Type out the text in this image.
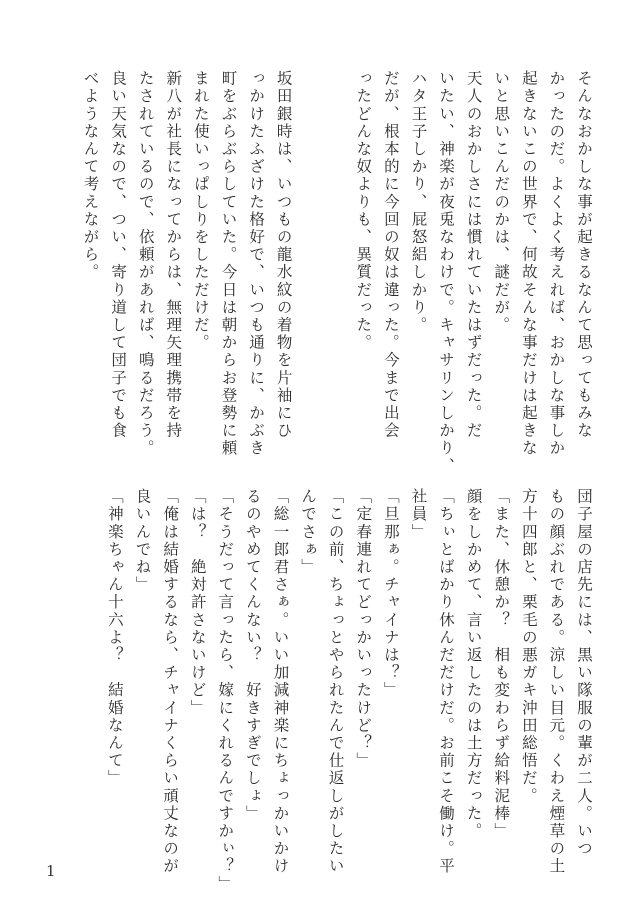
そんなおかしな事が起きるなんて思ってもみな
かったのだ。よくよく考えれば、おかしな事しか
起きないこの世界で、何故そんな事だけは起きな
いと思いこんだのかは、謎だが。
天人のおかしさには慣れていたはずだった。だ
いたい、神楽が夜兎なわけで。キャサリンしかり、
ハタ王子しかり、屁怒絽しかり。
だが、根本的に今回の奴は違った。今まで出会
ったどんな奴よりも、異質だった。
坂田銀時は、いつもの龍水紋の着物を片袖にひ
っかけたふざけた格好で、いつも通りに、かぶき
町をぶらぶらしていた。今日は朝からお登勢に頼
まれた使いっぱしりをしただけだ。
新八が社長になってからは、無理矢理携帯を持
たされているので、依頼があれば、鳴るだろう。
良い天気なので、つい、寄り道して団子でも食
べようなんて考えながら。
団子屋の店先には、黒い隊服の輩が二人。いつ
もの顔ぶれである。涼しい目元。くわえ煙草の土
方十四郎と、栗毛の悪ガキ沖田総悟だ。
「また、休憩か？　相も変わらず給料泥棒」
顔をしかめて、言い返したのは土方だった。
「ちぃとばかり休んだだけだ。お前こそ働け。平
社員」
「旦那ぁ。チャイナは？」
「定春連れてどっかいったけど？」
「この前、ちょっとやられたんで仕返しがしたい
んでさぁ」
「総一郎君さぁ。いい加減神楽にちょっかいかけ
るのやめてくんない？　好きすぎでしょ」
「そうだって言ったら、嫁にくれるんですかぃ？」
「は？　絶対許さないけど」
「俺は結婚するなら、チャイナくらい頑丈なのが
良いんでね」
「神楽ちゃん十六よ？　結婚なんて」
1
